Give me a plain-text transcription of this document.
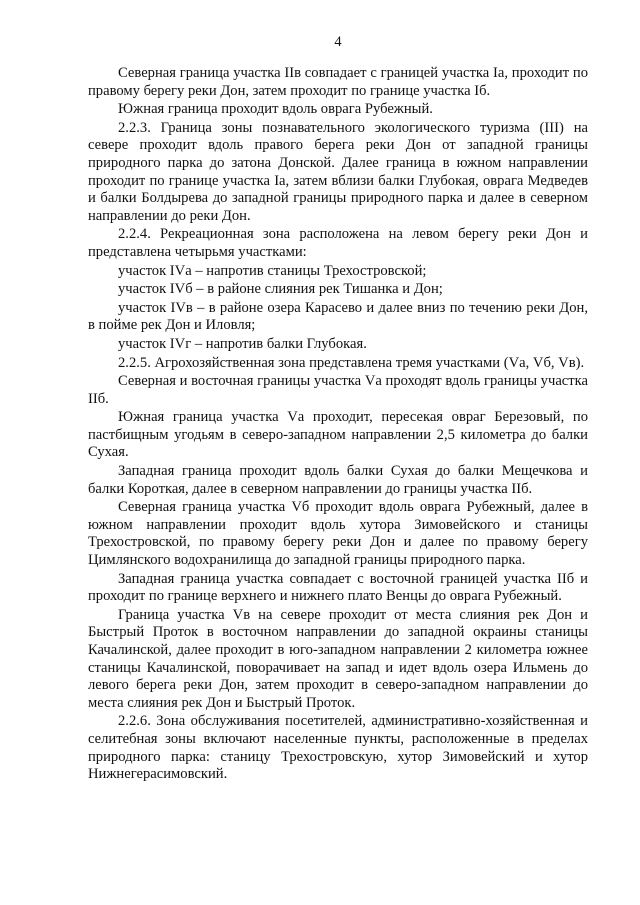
4

Северная граница участка IIв совпадает с границей участка Iа, проходит по правому берегу реки Дон, затем проходит по границе участка Iб.

Южная граница проходит вдоль оврага Рубежный.

2.2.3. Граница зоны познавательного экологического туризма (III) на севере проходит вдоль правого берега реки Дон от западной границы природного парка до затона Донской. Далее граница в южном направлении проходит по границе участка Iа, затем вблизи балки Глубокая, оврага Медведев и балки Болдырева до западной границы природного парка и далее в северном направлении до реки Дон.

2.2.4. Рекреационная зона расположена на левом берегу реки Дон и представлена четырьмя участками:

участок IVа – напротив станицы Трехостровской;

участок IVб – в районе слияния рек Тишанка и Дон;

участок IVв – в районе озера Карасево и далее вниз по течению реки Дон, в пойме рек Дон и Иловля;

участок IVг – напротив балки Глубокая.

2.2.5. Агрохозяйственная зона представлена тремя участками (Vа, Vб, Vв).

Северная и восточная границы участка Vа проходят вдоль границы участка IIб.

Южная граница участка Vа проходит, пересекая овраг Березовый, по пастбищным угодьям в северо-западном направлении 2,5 километра до балки Сухая.

Западная граница проходит вдоль балки Сухая до балки Мещечкова и балки Короткая, далее в северном направлении до границы участка IIб.

Северная граница участка Vб проходит вдоль оврага Рубежный, далее в южном направлении проходит вдоль хутора Зимовейского и станицы Трехостровской, по правому берегу реки Дон и далее по правому берегу Цимлянского водохранилища до западной границы природного парка.

Западная граница участка совпадает с восточной границей участка IIб и проходит по границе верхнего и нижнего плато Венцы до оврага Рубежный.

Граница участка Vв на севере проходит от места слияния рек Дон и Быстрый Проток в восточном направлении до западной окраины станицы Качалинской, далее проходит в юго-западном направлении 2 километра южнее станицы Качалинской, поворачивает на запад и идет вдоль озера Ильмень до левого берега реки Дон, затем проходит в северо-западном направлении до места слияния рек Дон и Быстрый Проток.

2.2.6. Зона обслуживания посетителей, административно-хозяйственная и селитебная зоны включают населенные пункты, расположенные в пределах природного парка: станицу Трехостровскую, хутор Зимовейский и хутор Нижнегерасимовский.
